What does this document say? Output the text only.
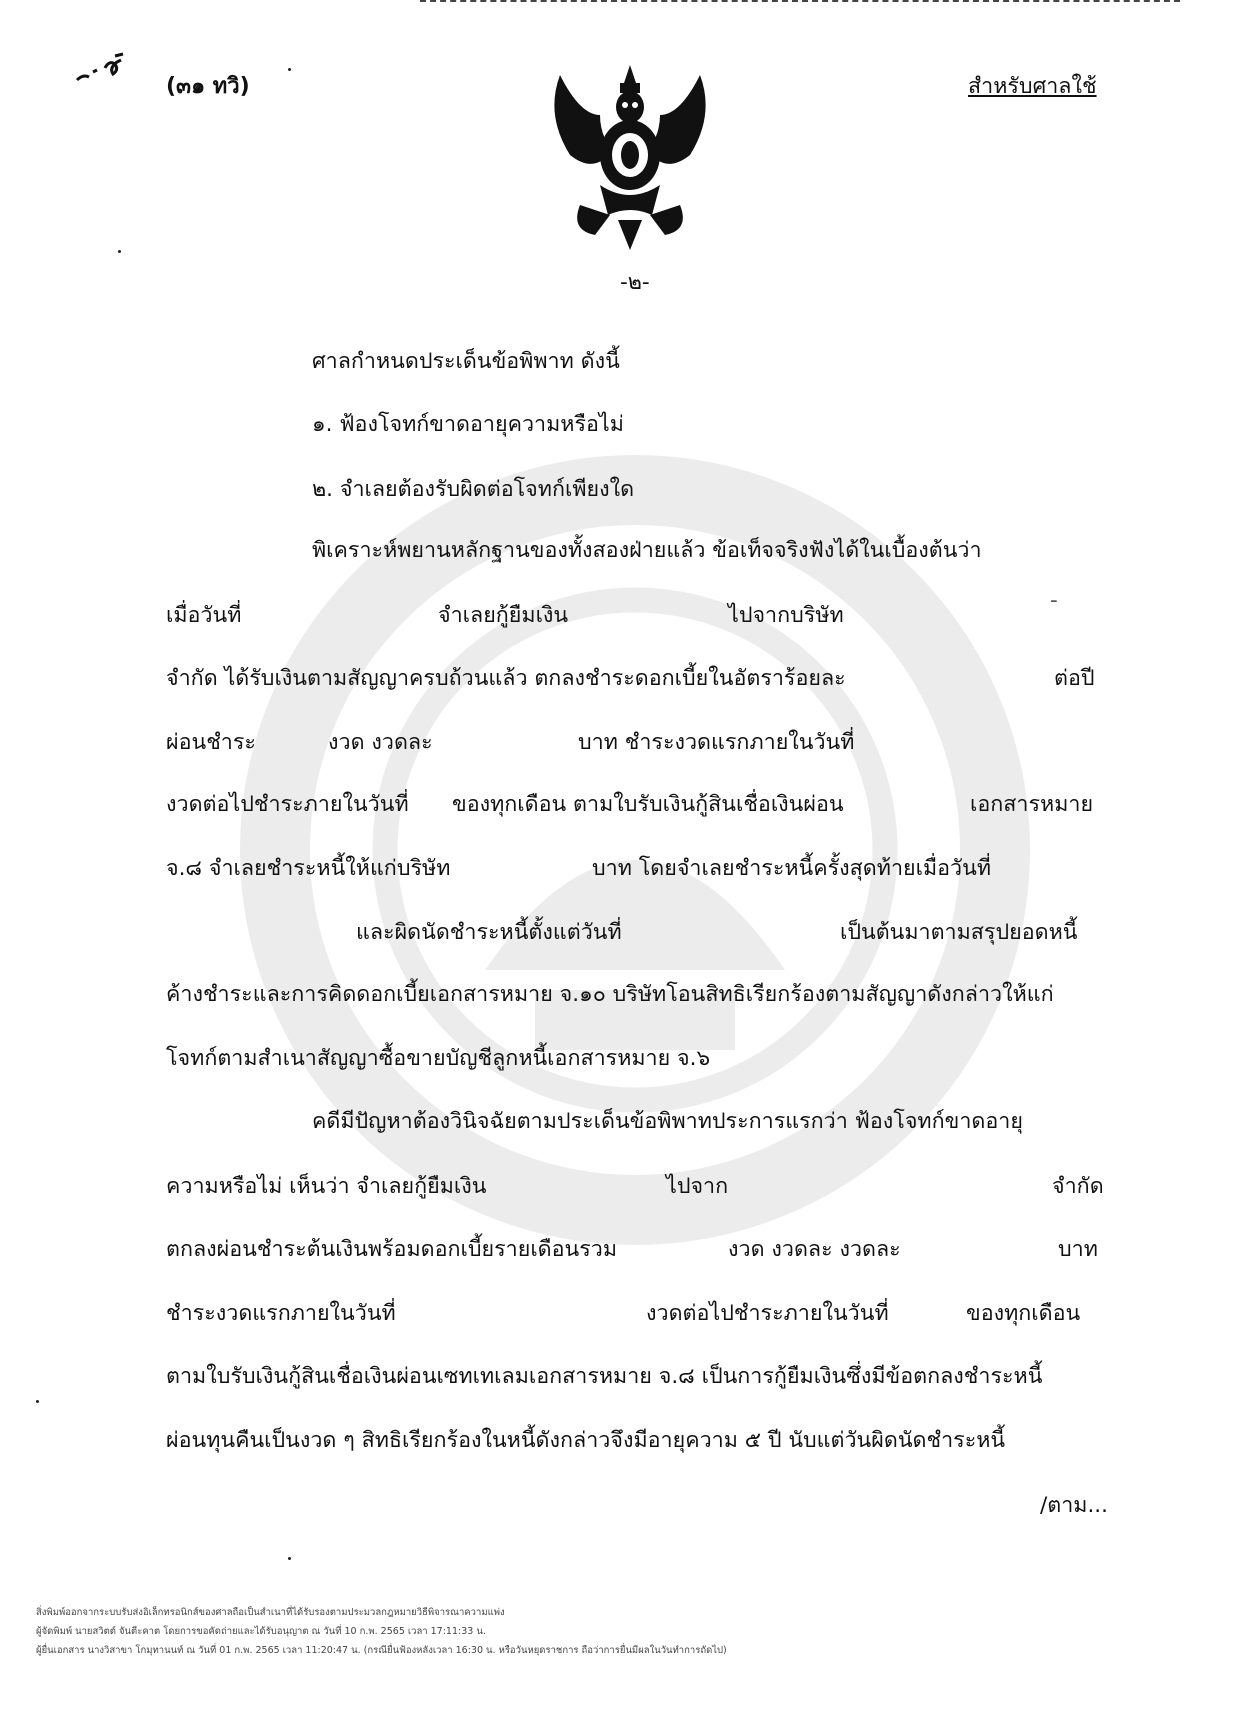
(๓๑ ทวิ)	สำหรับศาลใช้
-๒-
ศาลกำหนดประเด็นข้อพิพาท ดังนี้
๑. ฟ้องโจทก์ขาดอายุความหรือไม่
๒. จำเลยต้องรับผิดต่อโจทก์เพียงใด
พิเคราะห์พยานหลักฐานของทั้งสองฝ่ายแล้ว ข้อเท็จจริงฟังได้ในเบื้องต้นว่า
เมื่อวันที่	จำเลยกู้ยืมเงิน	ไปจากบริษัท
-
จำกัด ได้รับเงินตามสัญญาครบถ้วนแล้ว ตกลงชำระดอกเบี้ยในอัตราร้อยละ	ต่อปี
ผ่อนชำระ	งวด งวดละ	บาท ชำระงวดแรกภายในวันที่
งวดต่อไปชำระภายในวันที่ ของทุกเดือน ตามใบรับเงินกู้สินเชื่อเงินผ่อน	เอกสารหมาย
จ.๘ จำเลยชำระหนี้ให้แก่บริษัท	บาท โดยจำเลยชำระหนี้ครั้งสุดท้ายเมื่อวันที่
และผิดนัดชำระหนี้ตั้งแต่วันที่	เป็นต้นมาตามสรุปยอดหนี้
ค้างชำระและการคิดดอกเบี้ยเอกสารหมาย จ.๑๐ บริษัทโอนสิทธิเรียกร้องตามสัญญาดังกล่าวให้แก่
โจทก์ตามสำเนาสัญญาซื้อขายบัญชีลูกหนี้เอกสารหมาย จ.๖
คดีมีปัญหาต้องวินิจฉัยตามประเด็นข้อพิพาทประการแรกว่า ฟ้องโจทก์ขาดอายุ
ความหรือไม่ เห็นว่า จำเลยกู้ยืมเงิน	ไปจาก	จำกัด
ตกลงผ่อนชำระต้นเงินพร้อมดอกเบี้ยรายเดือนรวม	งวด งวดละ งวดละ	บาท
ชำระงวดแรกภายในวันที่	งวดต่อไปชำระภายในวันที่	ของทุกเดือน
ตามใบรับเงินกู้สินเชื่อเงินผ่อนเซทเทเลมเอกสารหมาย จ.๘ เป็นการกู้ยืมเงินซึ่งมีข้อตกลงชำระหนี้
ผ่อนทุนคืนเป็นงวด ๆ สิทธิเรียกร้องในหนี้ดังกล่าวจึงมีอายุความ ๕ ปี นับแต่วันผิดนัดชำระหนี้
/ตาม...
สิ่งพิมพ์ออกจากระบบรับส่งอิเล็กทรอนิกส์ของศาลถือเป็นสำเนาที่ได้รับรองตามประมวลกฎหมายวิธีพิจารณาความแพ่ง
ผู้จัดพิมพ์ นายสวิตต์ จันตีะคาต โดยการขอคัดถ่ายและได้รับอนุญาต ณ วันที่ 10 ก.พ. 2565 เวลา 17:11:33 น.
ผู้ยื่นเอกสาร นางวิสาขา โกมุทานนท์ ณ วันที่ 01 ก.พ. 2565 เวลา 11:20:47 น. (กรณียื่นฟ้องหลังเวลา 16:30 น. หรือวันหยุดราชการ ถือว่าการยื่นมีผลในวันทำการถัดไป)
